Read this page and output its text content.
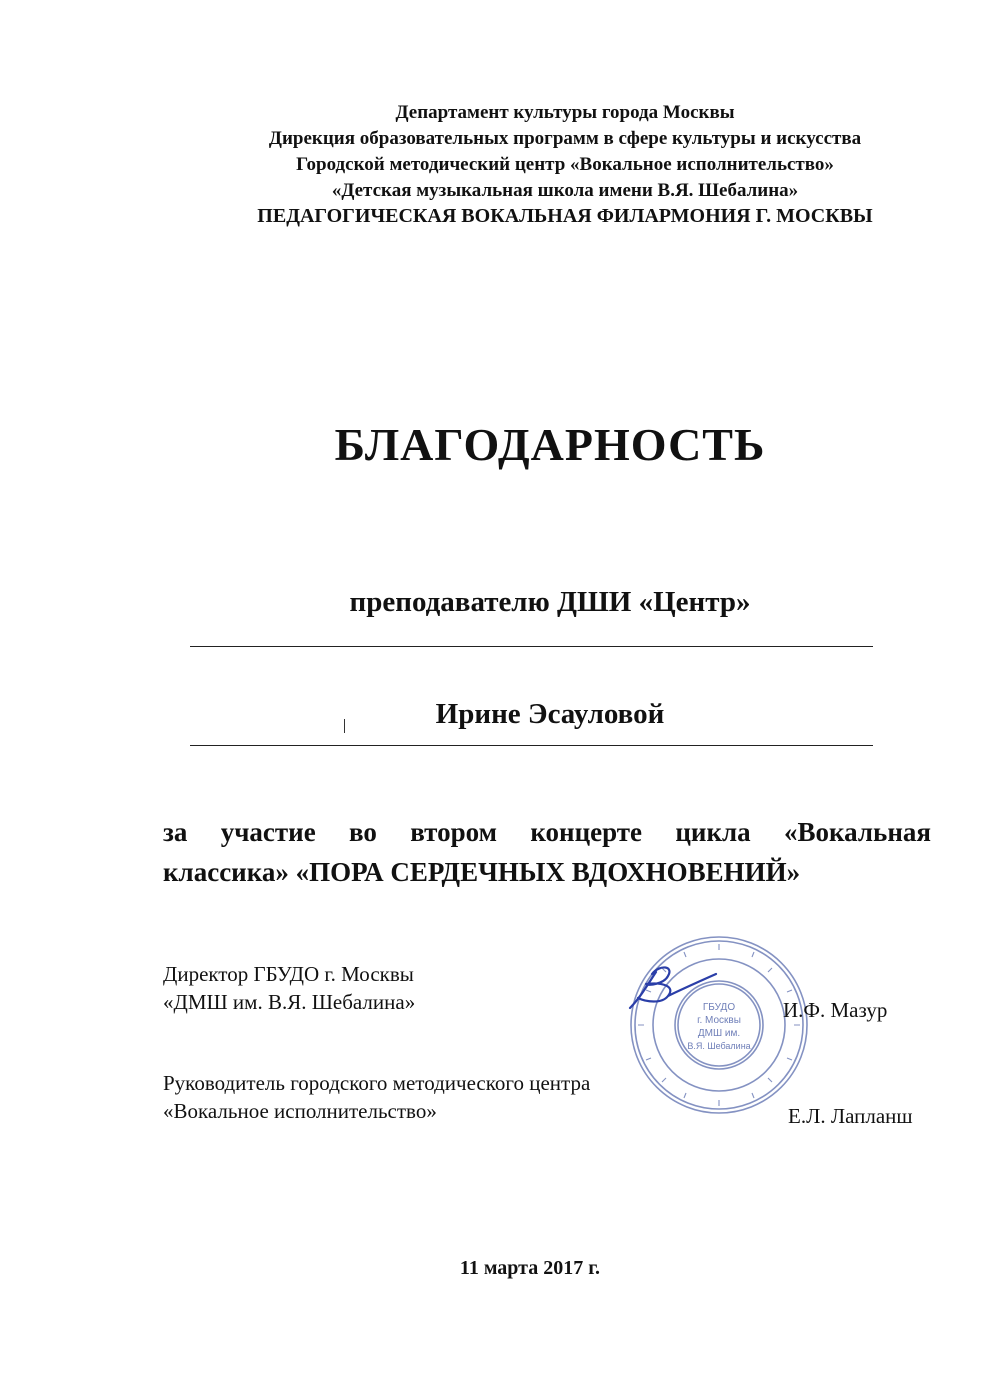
Департамент культуры города Москвы
Дирекция образовательных программ в сфере культуры и искусства
Городской методический центр «Вокальное исполнительство»
«Детская музыкальная школа имени В.Я. Шебалина»
ПЕДАГОГИЧЕСКАЯ ВОКАЛЬНАЯ ФИЛАРМОНИЯ Г. МОСКВЫ
БЛАГОДАРНОСТЬ
преподавателю ДШИ «Центр»
Ирине Эсауловой
за участие во втором концерте цикла «Вокальная
классика» «ПОРА СЕРДЕЧНЫХ ВДОХНОВЕНИЙ»
Директор ГБУДО г. Москвы
«ДМШ им. В.Я. Шебалина»	ГБУДО
г. Москвы
ДМШ им.
В.Я. Шебалина
И.Ф. Мазур
Руководитель городского методического центра
«Вокальное исполнительство»	Е.Л. Лапланш
11 марта 2017 г.
